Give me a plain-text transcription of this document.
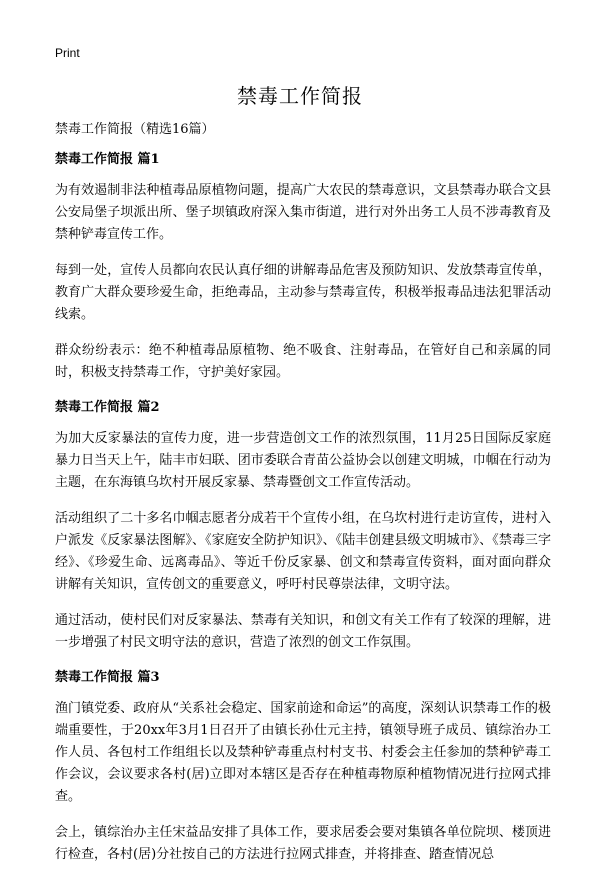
Print
禁毒工作简报

禁毒工作简报（精选16篇）

禁毒工作简报 篇1

为有效遏制非法种植毒品原植物问题，提高广大农民的禁毒意识，文县禁毒办联合文县公安局堡子坝派出所、堡子坝镇政府深入集市街道，进行对外出务工人员不涉毒教育及禁种铲毒宣传工作。

每到一处，宣传人员都向农民认真仔细的讲解毒品危害及预防知识、发放禁毒宣传单，教育广大群众要珍爱生命，拒绝毒品，主动参与禁毒宣传，积极举报毒品违法犯罪活动线索。

群众纷纷表示：绝不种植毒品原植物、绝不吸食、注射毒品，在管好自己和亲属的同时，积极支持禁毒工作，守护美好家园。

禁毒工作简报 篇2

为加大反家暴法的宣传力度，进一步营造创文工作的浓烈氛围，11月25日国际反家庭暴力日当天上午，陆丰市妇联、团市委联合青苗公益协会以创建文明城，巾帼在行动为主题，在东海镇乌坎村开展反家暴、禁毒暨创文工作宣传活动。

活动组织了二十多名巾帼志愿者分成若干个宣传小组，在乌坎村进行走访宣传，进村入户派发《反家暴法图解》、《家庭安全防护知识》、《陆丰创建县级文明城市》、《禁毒三字经》、《珍爱生命、远离毒品》、等近千份反家暴、创文和禁毒宣传资料，面对面向群众讲解有关知识，宣传创文的重要意义，呼吁村民尊崇法律，文明守法。

通过活动，使村民们对反家暴法、禁毒有关知识，和创文有关工作有了较深的理解，进一步增强了村民文明守法的意识，营造了浓烈的创文工作氛围。

禁毒工作简报 篇3

渔门镇党委、政府从“关系社会稳定、国家前途和命运”的高度，深刻认识禁毒工作的极端重要性，于20xx年3月1日召开了由镇长孙仕元主持，镇领导班子成员、镇综治办工作人员、各包村工作组组长以及禁种铲毒重点村村支书、村委会主任参加的禁种铲毒工作会议，会议要求各村(居)立即对本辖区是否存在种植毒物原种植物情况进行拉网式排查。

会上，镇综治办主任宋益品安排了具体工作，要求居委会要对集镇各单位院坝、楼顶进行检查，各村(居)分社按自己的方法进行拉网式排查，并将排查、踏查情况总
